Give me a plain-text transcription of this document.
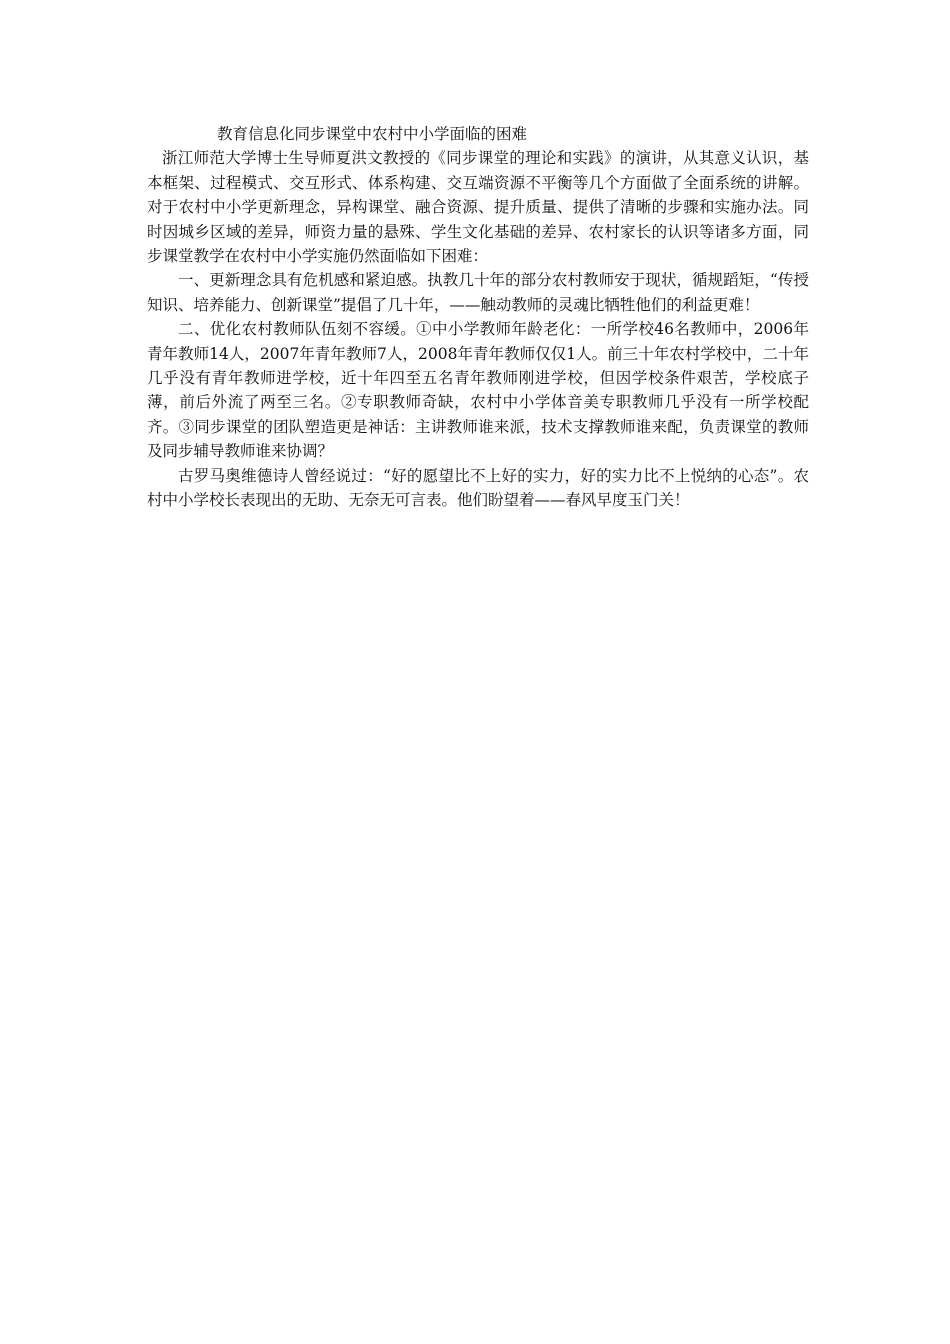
教育信息化同步课堂中农村中小学面临的困难

浙江师范大学博士生导师夏洪文教授的《同步课堂的理论和实践》的演讲，从其意义认识，基本框架、过程模式、交互形式、体系构建、交互端资源不平衡等几个方面做了全面系统的讲解。对于农村中小学更新理念，异构课堂、融合资源、提升质量、提供了清晰的步骤和实施办法。同时因城乡区域的差异，师资力量的悬殊、学生文化基础的差异、农村家长的认识等诸多方面，同步课堂教学在农村中小学实施仍然面临如下困难：

一、更新理念具有危机感和紧迫感。执教几十年的部分农村教师安于现状，循规蹈矩，“传授知识、培养能力、创新课堂”提倡了几十年，——触动教师的灵魂比牺牲他们的利益更难！

二、优化农村教师队伍刻不容缓。①中小学教师年龄老化：一所学校46名教师中，2006年青年教师14人，2007年青年教师7人，2008年青年教师仅仅1人。前三十年农村学校中，二十年几乎没有青年教师进学校，近十年四至五名青年教师刚进学校，但因学校条件艰苦，学校底子薄，前后外流了两至三名。②专职教师奇缺，农村中小学体音美专职教师几乎没有一所学校配齐。③同步课堂的团队塑造更是神话：主讲教师谁来派，技术支撑教师谁来配，负责课堂的教师及同步辅导教师谁来协调？

古罗马奥维德诗人曾经说过：“好的愿望比不上好的实力，好的实力比不上悦纳的心态”。农村中小学校长表现出的无助、无奈无可言表。他们盼望着——春风早度玉门关！
